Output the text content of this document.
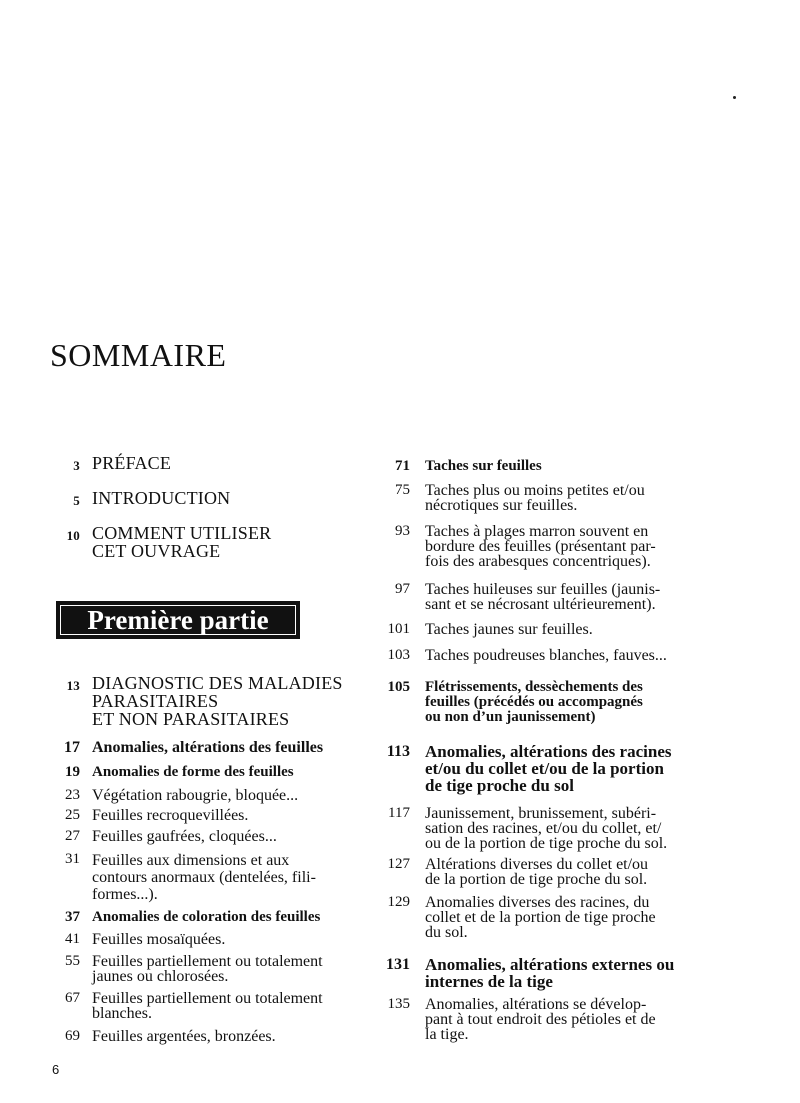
SOMMAIRE
3 PRÉFACE
5 INTRODUCTION
10 COMMENT UTILISER
CET OUVRAGE
Première partie
13 DIAGNOSTIC DES MALADIES
PARASITAIRES
ET NON PARASITAIRES
17 Anomalies, altérations des feuilles
19 Anomalies de forme des feuilles
23 Végétation rabougrie, bloquée...
25 Feuilles recroquevillées.
27 Feuilles gaufrées, cloquées...
31 Feuilles aux dimensions et aux
contours anormaux (dentelées, fili-
formes...).
37 Anomalies de coloration des feuilles
41 Feuilles mosaïquées.
55 Feuilles partiellement ou totalement
jaunes ou chlorosées.
67 Feuilles partiellement ou totalement
blanches.
69 Feuilles argentées, bronzées.
71 Taches sur feuilles
75 Taches plus ou moins petites et/ou
nécrotiques sur feuilles.
93 Taches à plages marron souvent en
bordure des feuilles (présentant par-
fois des arabesques concentriques).
97 Taches huileuses sur feuilles (jaunis-
sant et se nécrosant ultérieurement).
101 Taches jaunes sur feuilles.
103 Taches poudreuses blanches, fauves...
105 Flétrissements, dessèchements des
feuilles (précédés ou accompagnés
ou non d’un jaunissement)
113 Anomalies, altérations des racines
et/ou du collet et/ou de la portion
de tige proche du sol
117 Jaunissement, brunissement, subéri-
sation des racines, et/ou du collet, et/
ou de la portion de tige proche du sol.
127 Altérations diverses du collet et/ou
de la portion de tige proche du sol.
129 Anomalies diverses des racines, du
collet et de la portion de tige proche
du sol.
131 Anomalies, altérations externes ou
internes de la tige
135 Anomalies, altérations se dévelop-
pant à tout endroit des pétioles et de
la tige.
6
